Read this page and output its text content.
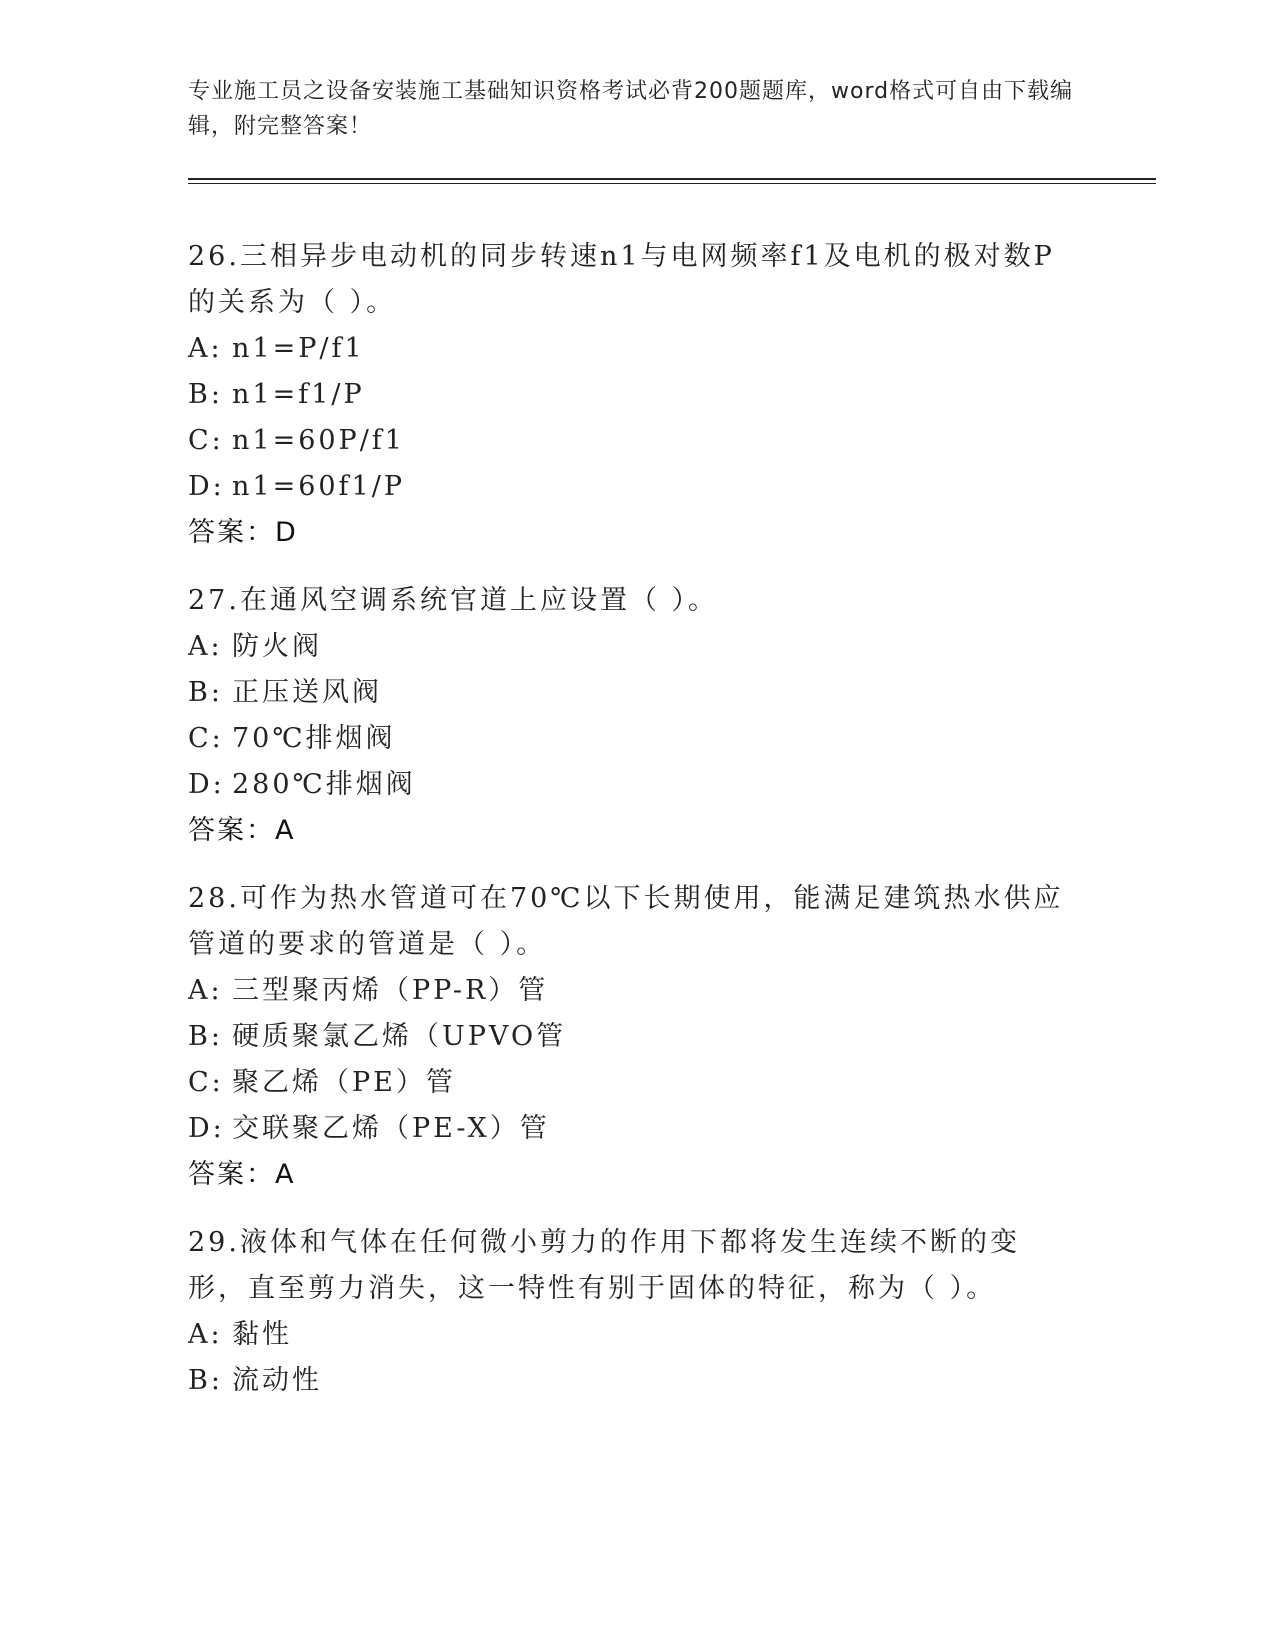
专业施工员之设备安装施工基础知识资格考试必背200题题库，word格式可自由下载编辑，附完整答案！
26.三相异步电动机的同步转速n1与电网频率f1及电机的极对数P的关系为（ ）。
A: n1=P/f1
B: n1=f1/P
C: n1=60P/f1
D: n1=60f1/P
答案：D
27.在通风空调系统官道上应设置（ ）。
A: 防火阀
B: 正压送风阀
C: 70℃排烟阀
D: 280℃排烟阀
答案：A
28.可作为热水管道可在70℃以下长期使用，能满足建筑热水供应管道的要求的管道是（ ）。
A: 三型聚丙烯（PP-R）管
B: 硬质聚氯乙烯（UPVO管
C: 聚乙烯（PE）管
D: 交联聚乙烯（PE-X）管
答案：A
29.液体和气体在任何微小剪力的作用下都将发生连续不断的变形，直至剪力消失，这一特性有别于固体的特征，称为（ ）。
A: 黏性
B: 流动性
